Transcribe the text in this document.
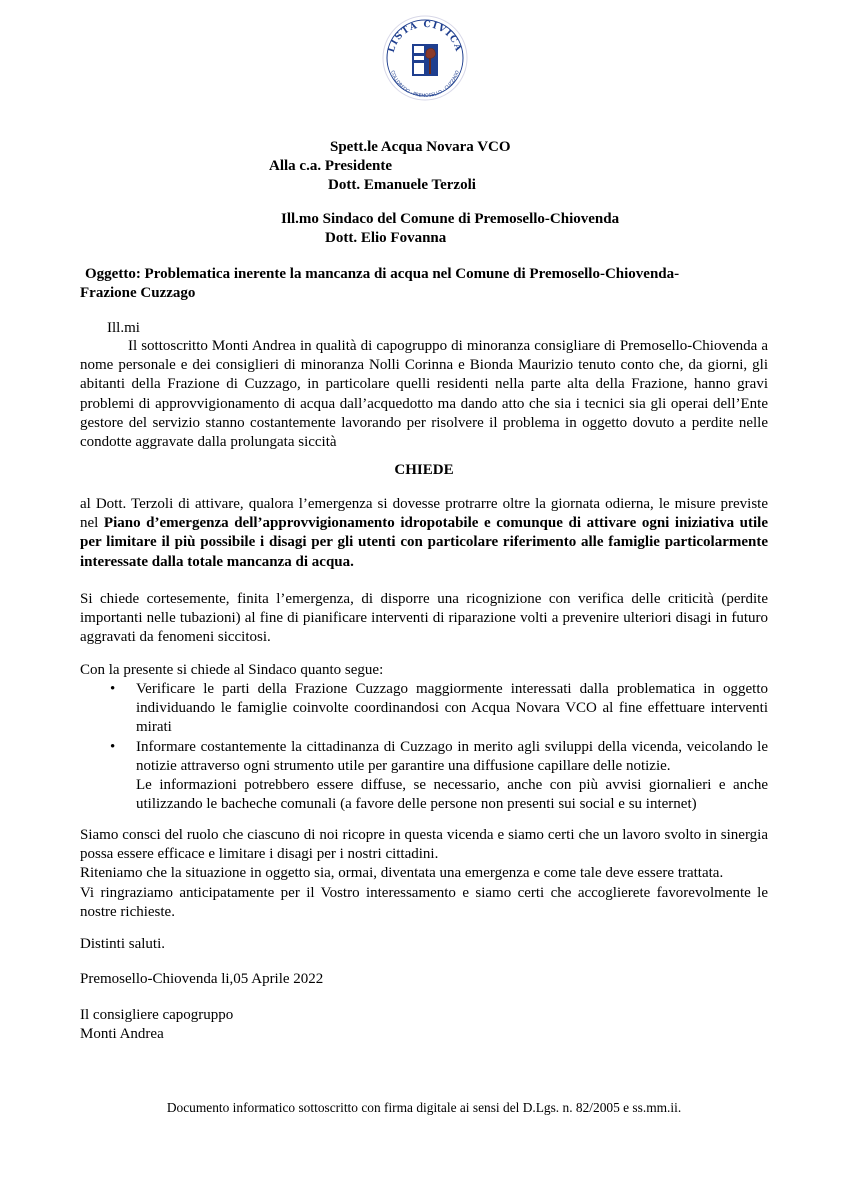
LISTA CIVICA
COLLOREDO · PREMOSELLO · CUZZAGO
Spett.le Acqua Novara VCO
Alla c.a. Presidente
Dott. Emanuele Terzoli
Ill.mo Sindaco del Comune di Premosello-Chiovenda
Dott. Elio Fovanna
Oggetto: Problematica inerente la mancanza di acqua nel Comune di Premosello-Chiovenda-
Frazione Cuzzago
Ill.mi
Il sottoscritto Monti Andrea in qualità di capogruppo di minoranza consigliare di Premosello-Chiovenda a nome personale e dei consiglieri di minoranza Nolli Corinna e Bionda Maurizio tenuto conto che, da giorni, gli abitanti della Frazione di Cuzzago, in particolare quelli residenti nella parte alta della Frazione, hanno gravi problemi di approvvigionamento di acqua dall’acquedotto ma dando atto che sia i tecnici sia gli operai dell’Ente gestore del servizio stanno costantemente lavorando per risolvere il problema in oggetto dovuto a perdite nelle condotte aggravate dalla prolungata siccità
CHIEDE
al Dott. Terzoli di attivare, qualora l’emergenza si dovesse protrarre oltre la giornata odierna, le misure previste nel Piano d’emergenza dell’approvvigionamento idropotabile e comunque di attivare ogni iniziativa utile per limitare il più possibile i disagi per gli utenti con particolare riferimento alle famiglie particolarmente interessate dalla totale mancanza di acqua.
Si chiede cortesemente, finita l’emergenza, di disporre una ricognizione con verifica delle criticità (perdite importanti nelle tubazioni) al fine di pianificare interventi di riparazione volti a prevenire ulteriori disagi in futuro aggravati da fenomeni siccitosi.
Con la presente si chiede al Sindaco quanto segue:
• Verificare le parti della Frazione Cuzzago maggiormente interessati dalla problematica in oggetto individuando le famiglie coinvolte coordinandosi con Acqua Novara VCO al fine effettuare interventi mirati
• Informare costantemente la cittadinanza di Cuzzago in merito agli sviluppi della vicenda, veicolando le notizie attraverso ogni strumento utile per garantire una diffusione capillare delle notizie.
Le informazioni potrebbero essere diffuse, se necessario, anche con più avvisi giornalieri e anche utilizzando le bacheche comunali (a favore delle persone non presenti sui social e su internet)
Siamo consci del ruolo che ciascuno di noi ricopre in questa vicenda e siamo certi che un lavoro svolto in sinergia possa essere efficace e limitare i disagi per i nostri cittadini.
Riteniamo che la situazione in oggetto sia, ormai, diventata una emergenza e come tale deve essere trattata.
Vi ringraziamo anticipatamente per il Vostro interessamento e siamo certi che accoglierete favorevolmente le nostre richieste.
Distinti saluti.
Premosello-Chiovenda li,05 Aprile 2022
Il consigliere capogruppo
Monti Andrea
Documento informatico sottoscritto con firma digitale ai sensi del D.Lgs. n. 82/2005 e ss.mm.ii.
